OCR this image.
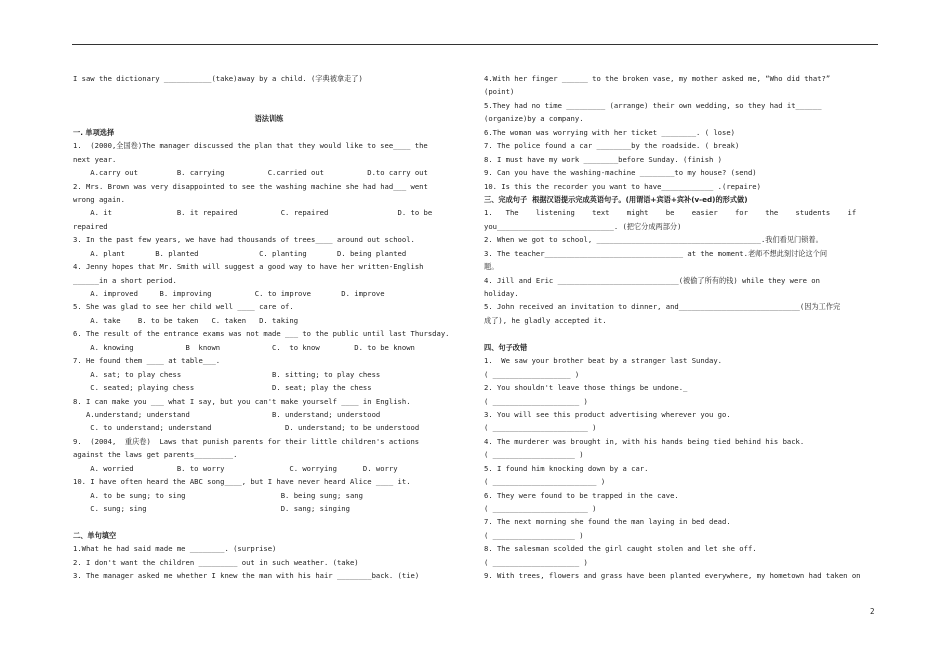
I saw the dictionary ___________(take)away by a child. (字典被拿走了)
语法训练
一. 单项选择
1.  (2000,全国卷)The manager discussed the plan that they would like to see____ the
next year.
A.carry out         B. carrying          C.carried out          D.to carry out
2. Mrs. Brown was very disappointed to see the washing machine she had had___ went
wrong again.
A. it               B. it repaired          C. repaired                D. to be
repaired
3. In the past few years, we have had thousands of trees____ around out school.
A. plant       B. planted              C. planting       D. being planted
4. Jenny hopes that Mr. Smith will suggest a good way to have her written-English
______in a short period.
A. improved     B. improving          C. to improve       D. improve
5. She was glad to see her child well ____ care of.
A. take    B. to be taken   C. taken   D. taking
6. The result of the entrance exams was not made ___ to the public until last Thursday.
A. knowing            B  known            C.  to know        D. to be known
7. He found them ____ at table___.
A. sat; to play chess                     B. sitting; to play chess
C. seated; playing chess                  D. seat; play the chess
8. I can make you ___ what I say, but you can't make yourself ____ in English.
A.understand; understand                   B. understand; understood
C. to understand; understand                 D. understand; to be understood
9.  (2004,  重庆卷)  Laws that punish parents for their little children's actions
against the laws get parents_________.
A. worried          B. to worry               C. worrying      D. worry
10. I have often heard the ABC song____, but I have never heard Alice ____ it.
A. to be sung; to sing                      B. being sung; sang
C. sung; sing                               D. sang; singing
二、单句填空
1.What he had said made me ________. (surprise)
2. I don't want the children _________ out in such weather. (take)
3. The manager asked me whether I knew the man with his hair ________back. (tie)
4.With her finger ______ to the broken vase, my mother asked me, “Who did that?”
(point)
5.They had no time _________ (arrange) their own wedding, so they had it______
(organize)by a company.
6.The woman was worrying with her ticket ________. ( lose)
7. The police found a car ________by the roadside. ( break)
8. I must have my work ________before Sunday. (finish )
9. Can you have the washing-machine ________to my house? (send)
10. Is this the recorder you want to have____________ .(repaire)
三、完成句子  根据汉语提示完成英语句子。(用谓语+宾语+宾补(v-ed)的形式做)
1.   The    listening    text    might    be    easier    for    the    students    if
you___________________________. (把它分成两部分)
2. When we got to school, ______________________________________.我们看见门锁着。
3. The teacher________________________________ at the moment.老师不想此刻讨论这个问
题。
4. Jill and Eric ____________________________(被偷了所有的钱) while they were on
holiday.
5. John received an invitation to dinner, and____________________________(因为工作完
成了), he gladly accepted it.
四、句子改错
1.  We saw your brother beat by a stranger last Sunday.
( __________________ )
2. You shouldn't leave those things be undone._
( ____________________ )
3. You will see this product advertising wherever you go.
( ______________________ )
4. The murderer was brought in, with his hands being tied behind his back.
( ___________________ )
5. I found him knocking down by a car.
( ________________________ )
6. They were found to be trapped in the cave.
( ______________________ )
7. The next morning she found the man laying in bed dead.
( ___________________ )
8. The salesman scolded the girl caught stolen and let she off.
( ____________________ )
9. With trees, flowers and grass have been planted everywhere, my hometown had taken on
2
